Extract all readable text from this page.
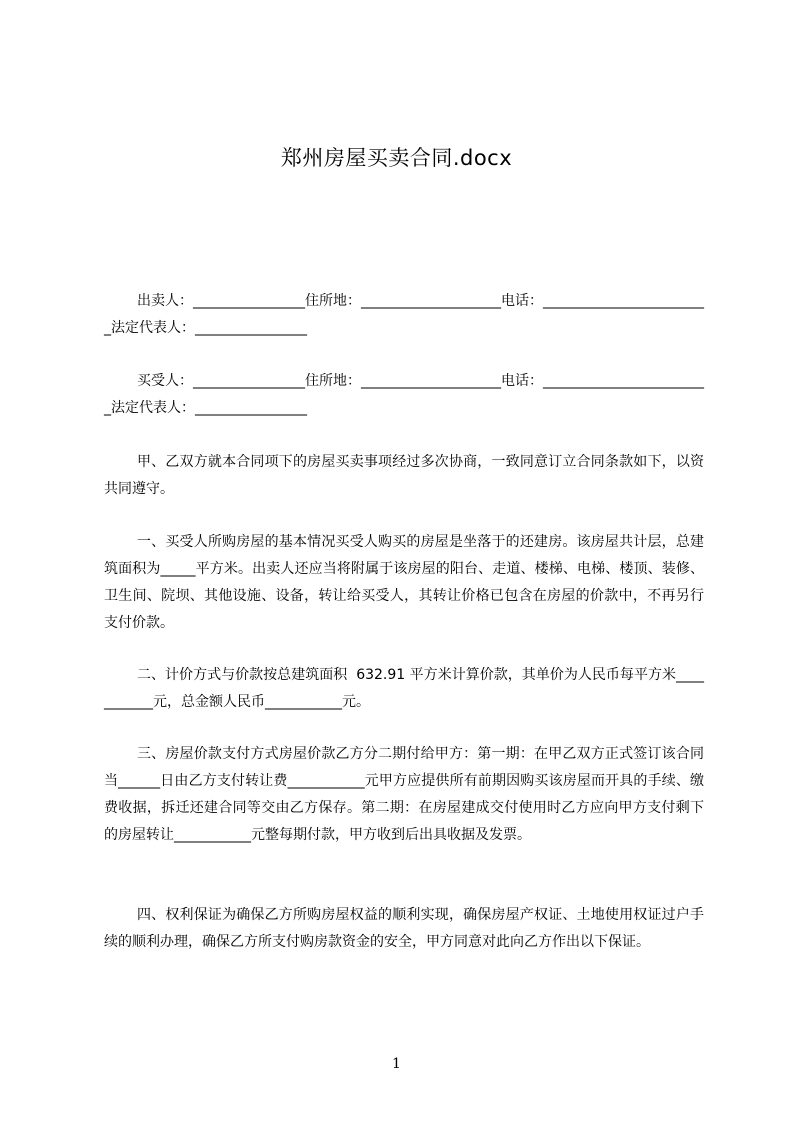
郑州房屋买卖合同.docx
出卖人：________________住所地：____________________电话：________________________法定代表人：________________
买受人：________________住所地：____________________电话：________________________法定代表人：________________
甲、乙双方就本合同项下的房屋买卖事项经过多次协商，一致同意订立合同条款如下，以资共同遵守。
一、买受人所购房屋的基本情况买受人购买的房屋是坐落于的还建房。该房屋共计层，总建筑面积为_____平方米。出卖人还应当将附属于该房屋的阳台、走道、楼梯、电梯、楼顶、装修、卫生间、院坝、其他设施、设备，转让给买受人，其转让价格已包含在房屋的价款中，不再另行支付价款。
二、计价方式与价款按总建筑面积  632.91 平方米计算价款，其单价为人民币每平方米___________元，总金额人民币___________元。
三、房屋价款支付方式房屋价款乙方分二期付给甲方：第一期：在甲乙双方正式签订该合同当______日由乙方支付转让费___________元甲方应提供所有前期因购买该房屋而开具的手续、缴费收据，拆迁还建合同等交由乙方保存。第二期：在房屋建成交付使用时乙方应向甲方支付剩下的房屋转让___________元整每期付款，甲方收到后出具收据及发票。
四、权利保证为确保乙方所购房屋权益的顺利实现，确保房屋产权证、土地使用权证过户手续的顺利办理，确保乙方所支付购房款资金的安全，甲方同意对此向乙方作出以下保证。
1
